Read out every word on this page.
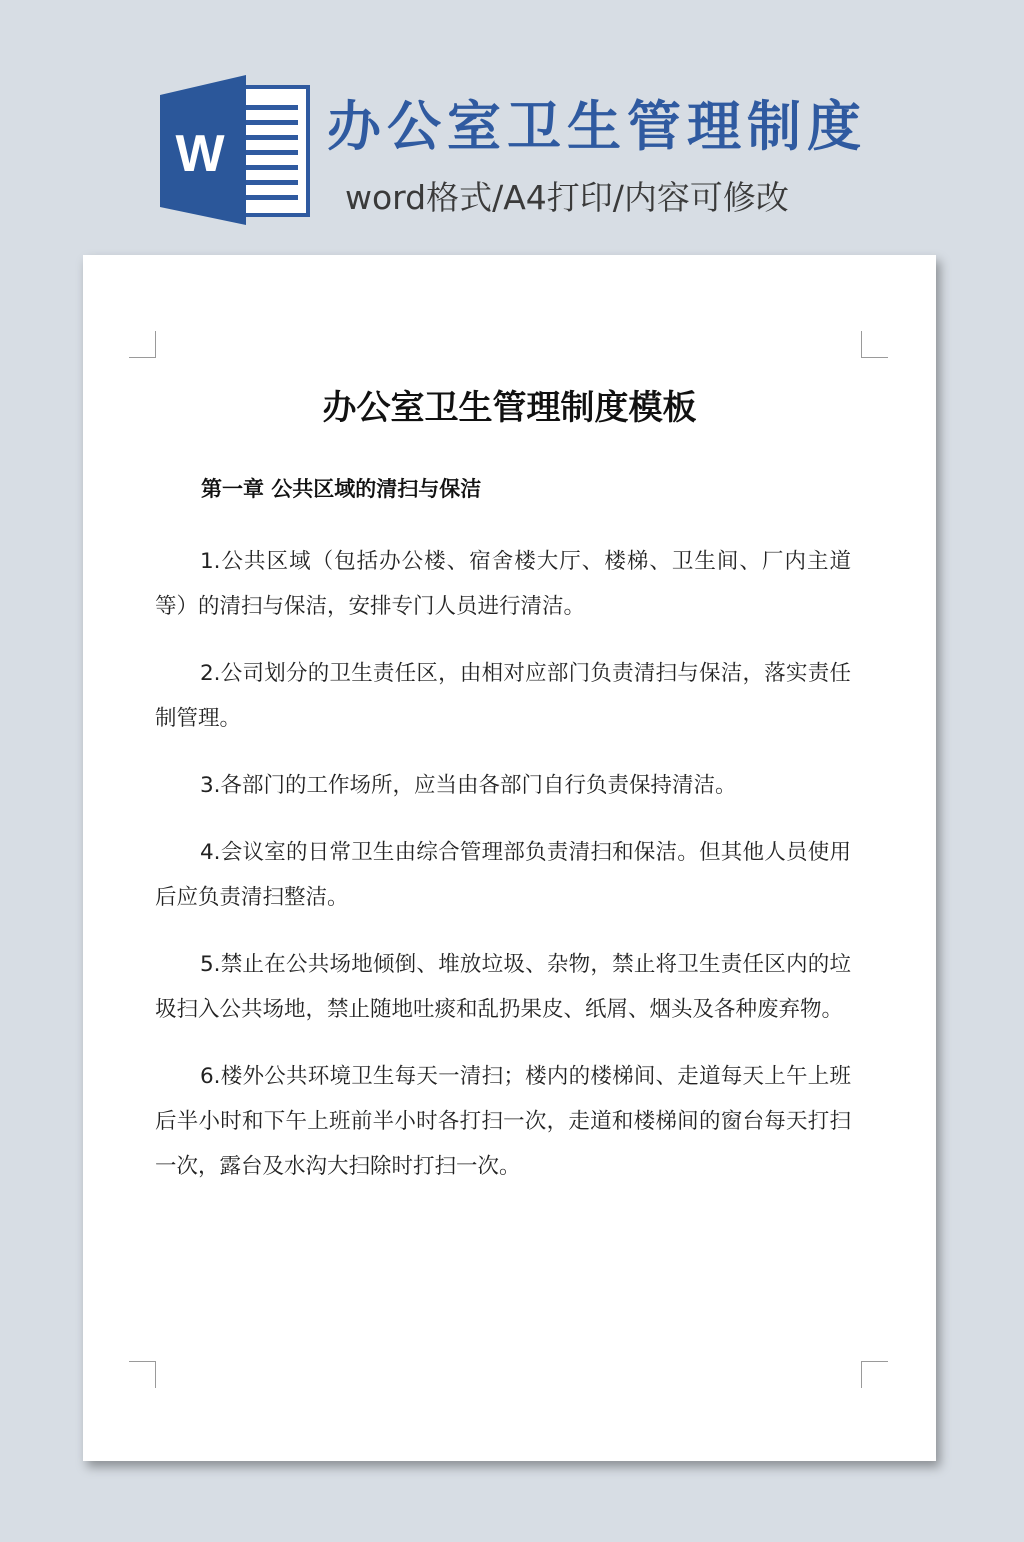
W 办公室卫生管理制度
word格式/A4打印/内容可修改
办公室卫生管理制度模板
第一章 公共区域的清扫与保洁

1.公共区域（包括办公楼、宿舍楼大厅、楼梯、卫生间、厂内主道等）的清扫与保洁，安排专门人员进行清洁。

2.公司划分的卫生责任区，由相对应部门负责清扫与保洁，落实责任制管理。

3.各部门的工作场所，应当由各部门自行负责保持清洁。

4.会议室的日常卫生由综合管理部负责清扫和保洁。但其他人员使用后应负责清扫整洁。

5.禁止在公共场地倾倒、堆放垃圾、杂物，禁止将卫生责任区内的垃圾扫入公共场地，禁止随地吐痰和乱扔果皮、纸屑、烟头及各种废弃物。

6.楼外公共环境卫生每天一清扫；楼内的楼梯间、走道每天上午上班后半小时和下午上班前半小时各打扫一次，走道和楼梯间的窗台每天打扫一次，露台及水沟大扫除时打扫一次。
